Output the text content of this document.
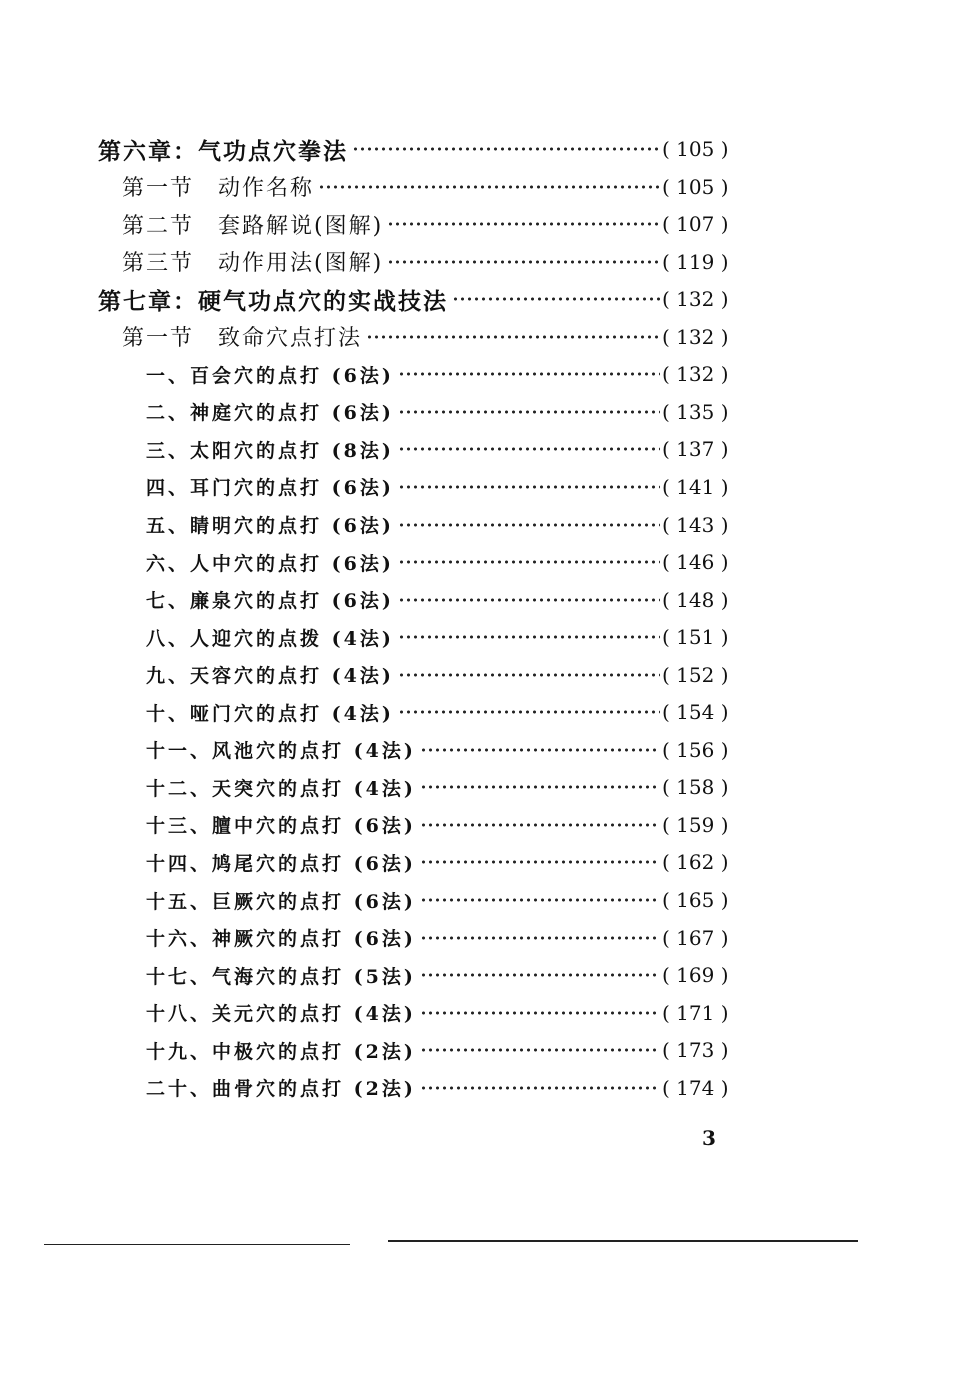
第六章：气功点穴拳法	( 105 )
第一节　动作名称	( 105 )
第二节　套路解说(图解)	( 107 )
第三节　动作用法(图解)	( 119 )
第七章：硬气功点穴的实战技法	( 132 )
第一节　致命穴点打法	( 132 )
一、百会穴的点打 (6法)	( 132 )
二、神庭穴的点打 (6法)	( 135 )
三、太阳穴的点打 (8法)	( 137 )
四、耳门穴的点打 (6法)	( 141 )
五、睛明穴的点打 (6法)	( 143 )
六、人中穴的点打 (6法)	( 146 )
七、廉泉穴的点打 (6法)	( 148 )
八、人迎穴的点拨 (4法)	( 151 )
九、天容穴的点打 (4法)	( 152 )
十、哑门穴的点打 (4法)	( 154 )
十一、风池穴的点打 (4法)	( 156 )
十二、天突穴的点打 (4法)	( 158 )
十三、膻中穴的点打 (6法)	( 159 )
十四、鸠尾穴的点打 (6法)	( 162 )
十五、巨厥穴的点打 (6法)	( 165 )
十六、神厥穴的点打 (6法)	( 167 )
十七、气海穴的点打 (5法)	( 169 )
十八、关元穴的点打 (4法)	( 171 )
十九、中极穴的点打 (2法)	( 173 )
二十、曲骨穴的点打 (2法)	( 174 )
3
